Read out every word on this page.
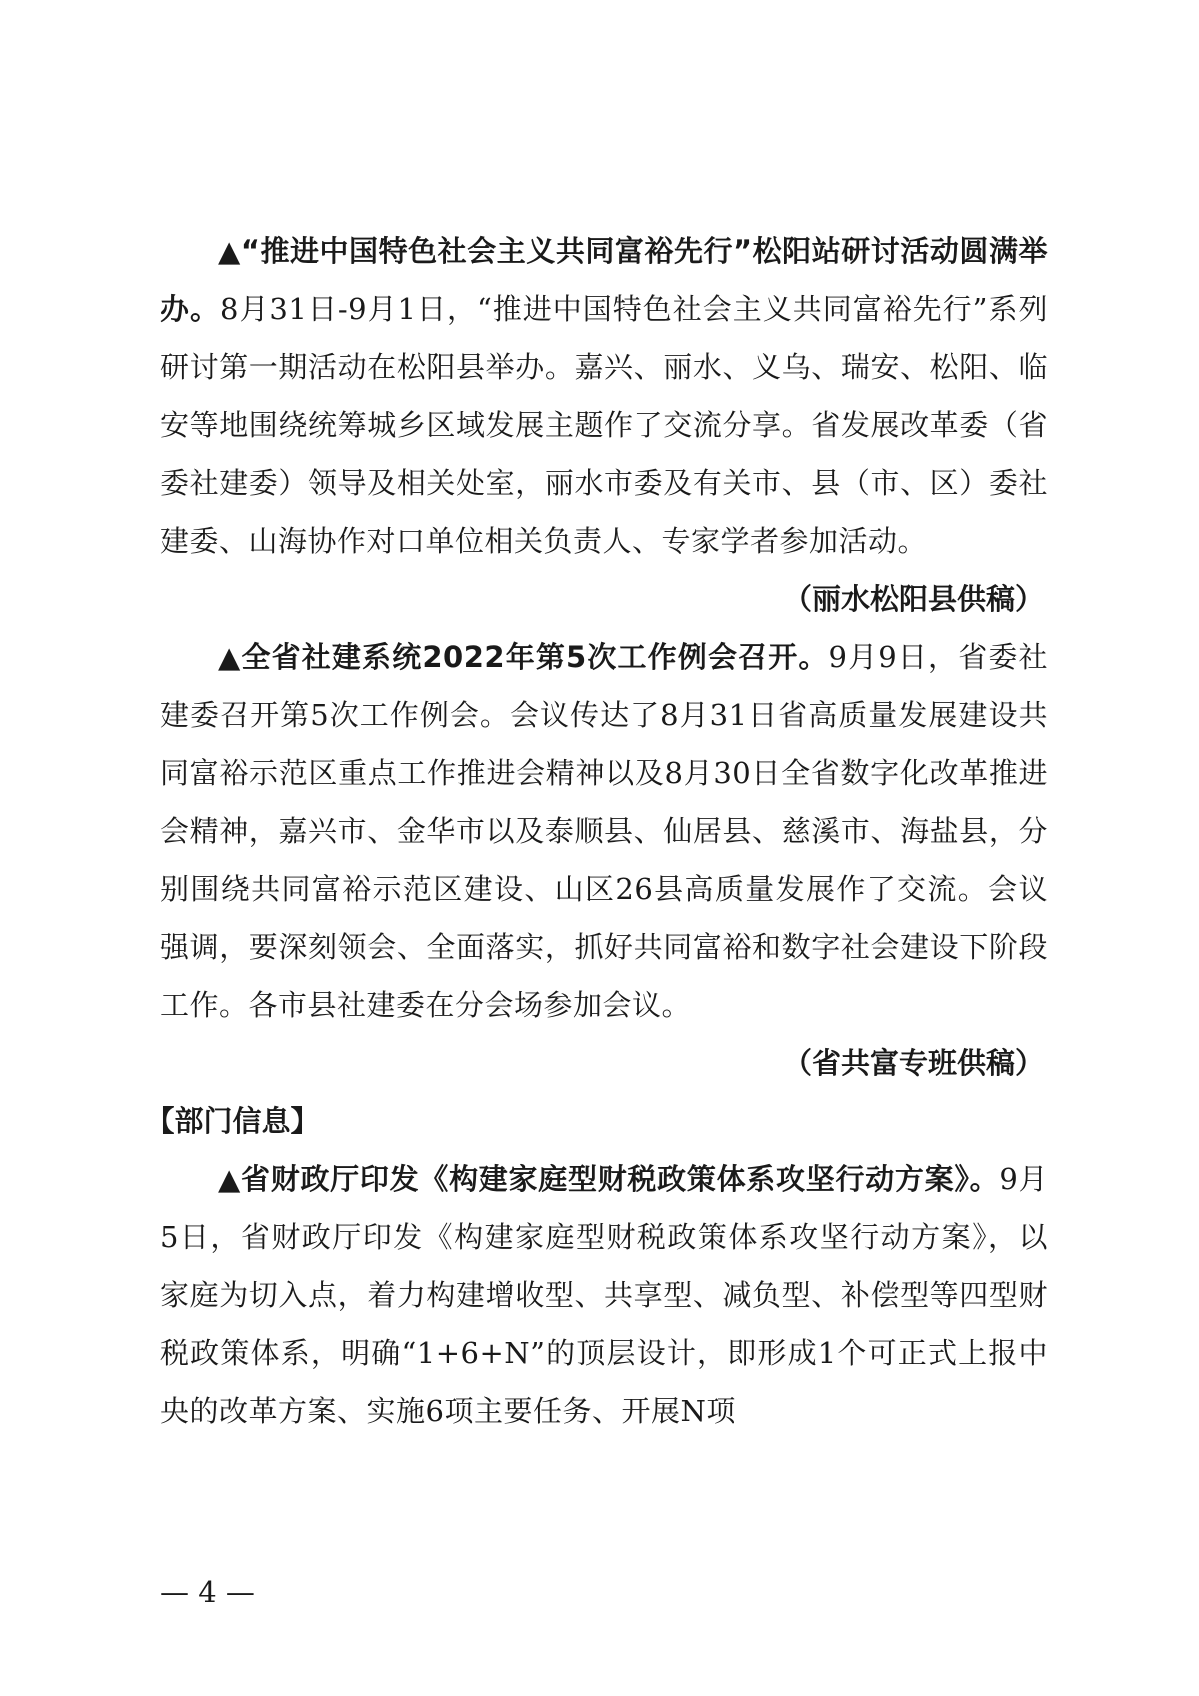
▲“推进中国特色社会主义共同富裕先行”松阳站研讨活动圆满举办。8月31日-9月1日，“推进中国特色社会主义共同富裕先行”系列研讨第一期活动在松阳县举办。嘉兴、丽水、义乌、瑞安、松阳、临安等地围绕统筹城乡区域发展主题作了交流分享。省发展改革委（省委社建委）领导及相关处室，丽水市委及有关市、县（市、区）委社建委、山海协作对口单位相关负责人、专家学者参加活动。

（丽水松阳县供稿）

▲全省社建系统2022年第5次工作例会召开。9月9日，省委社建委召开第5次工作例会。会议传达了8月31日省高质量发展建设共同富裕示范区重点工作推进会精神以及8月30日全省数字化改革推进会精神，嘉兴市、金华市以及泰顺县、仙居县、慈溪市、海盐县，分别围绕共同富裕示范区建设、山区26县高质量发展作了交流。会议强调，要深刻领会、全面落实，抓好共同富裕和数字社会建设下阶段工作。各市县社建委在分会场参加会议。

（省共富专班供稿）

【部门信息】

▲省财政厅印发《构建家庭型财税政策体系攻坚行动方案》。9月5日，省财政厅印发《构建家庭型财税政策体系攻坚行动方案》，以家庭为切入点，着力构建增收型、共享型、减负型、补偿型等四型财税政策体系，明确“1+6+N”的顶层设计，即形成1个可正式上报中央的改革方案、实施6项主要任务、开展N项

— 4 —
